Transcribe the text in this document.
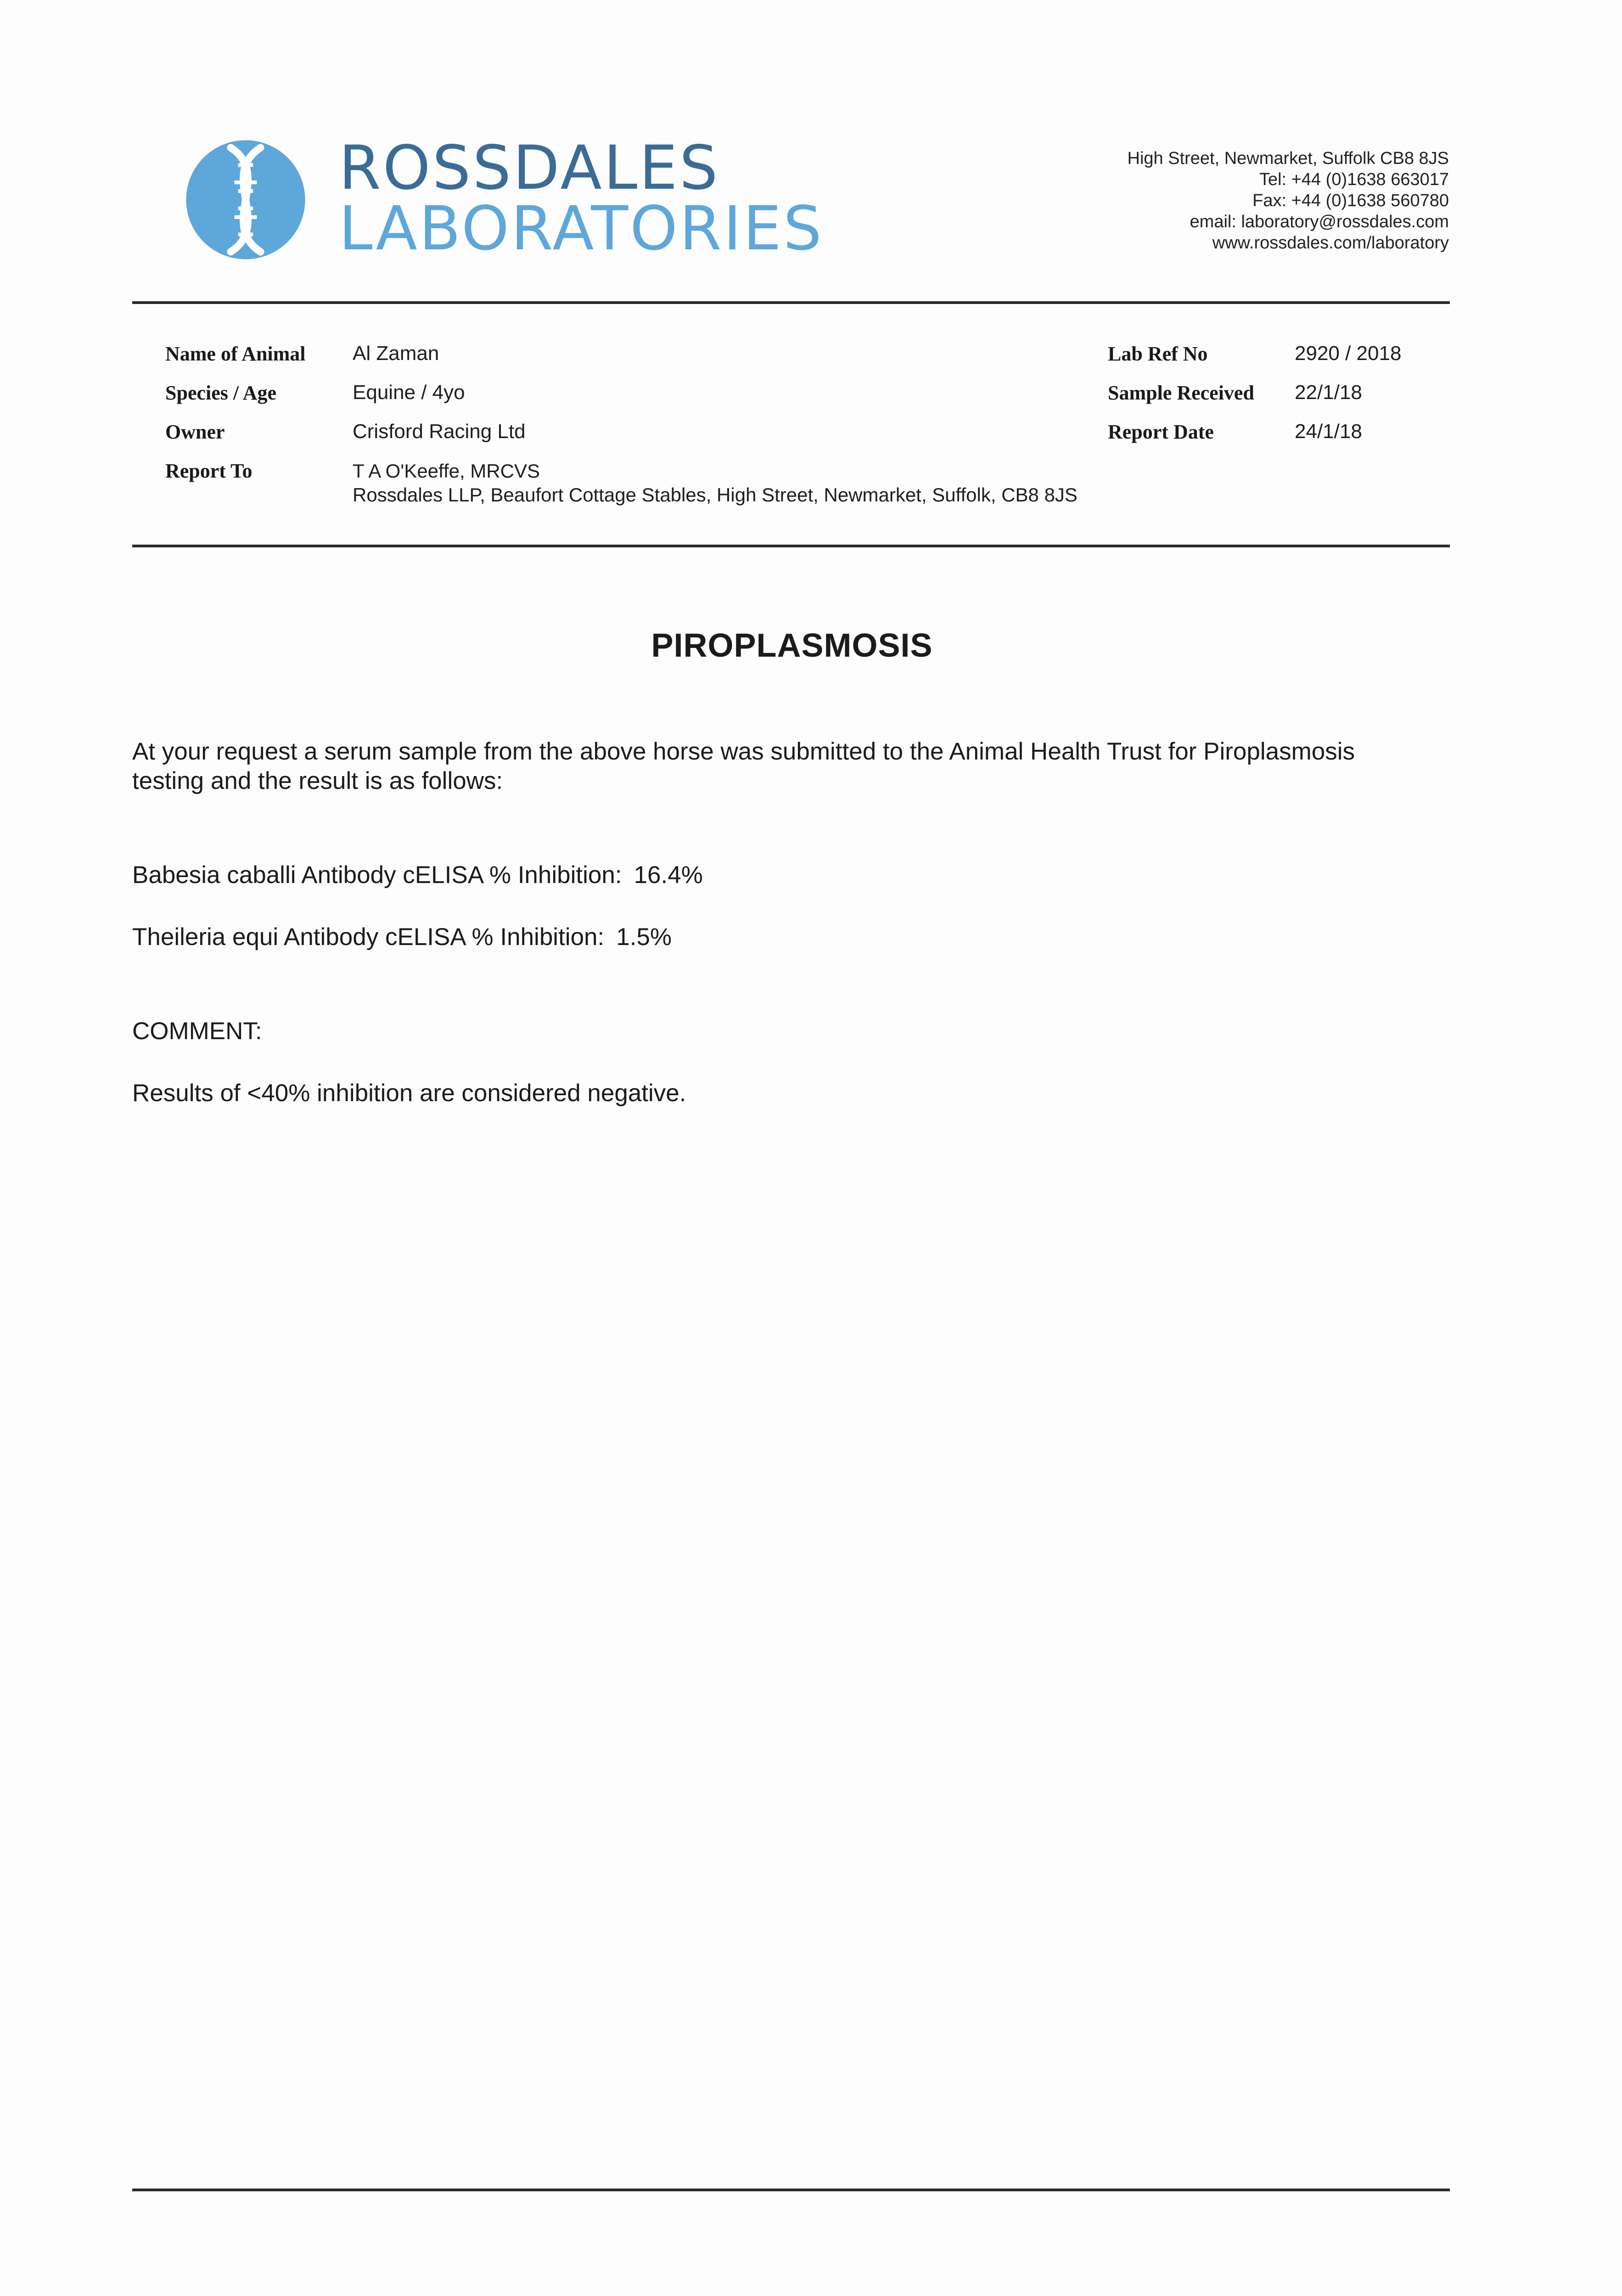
ROSSDALES
LABORATORIES
High Street, Newmarket, Suffolk CB8 8JS
Tel: +44 (0)1638 663017
Fax: +44 (0)1638 560780
email: laboratory@rossdales.com
www.rossdales.com/laboratory
Name of Animal Al Zaman
Species / Age	Equine / 4yo
Owner	Crisford Racing Ltd
Report To	T A O'Keeffe, MRCVS
Rossdales LLP, Beaufort Cottage Stables, High Street, Newmarket, Suffolk, CB8 8JS
Lab Ref No	2920 / 2018
Sample Received 22/1/18
Report Date	24/1/18
PIROPLASMOSIS
At your request a serum sample from the above horse was submitted to the Animal Health Trust for Piroplasmosis testing and the result is as follows:
Babesia caballi Antibody cELISA % Inhibition: 16.4%
Theileria equi Antibody cELISA % Inhibition: 1.5%
COMMENT:
Results of <40% inhibition are considered negative.
